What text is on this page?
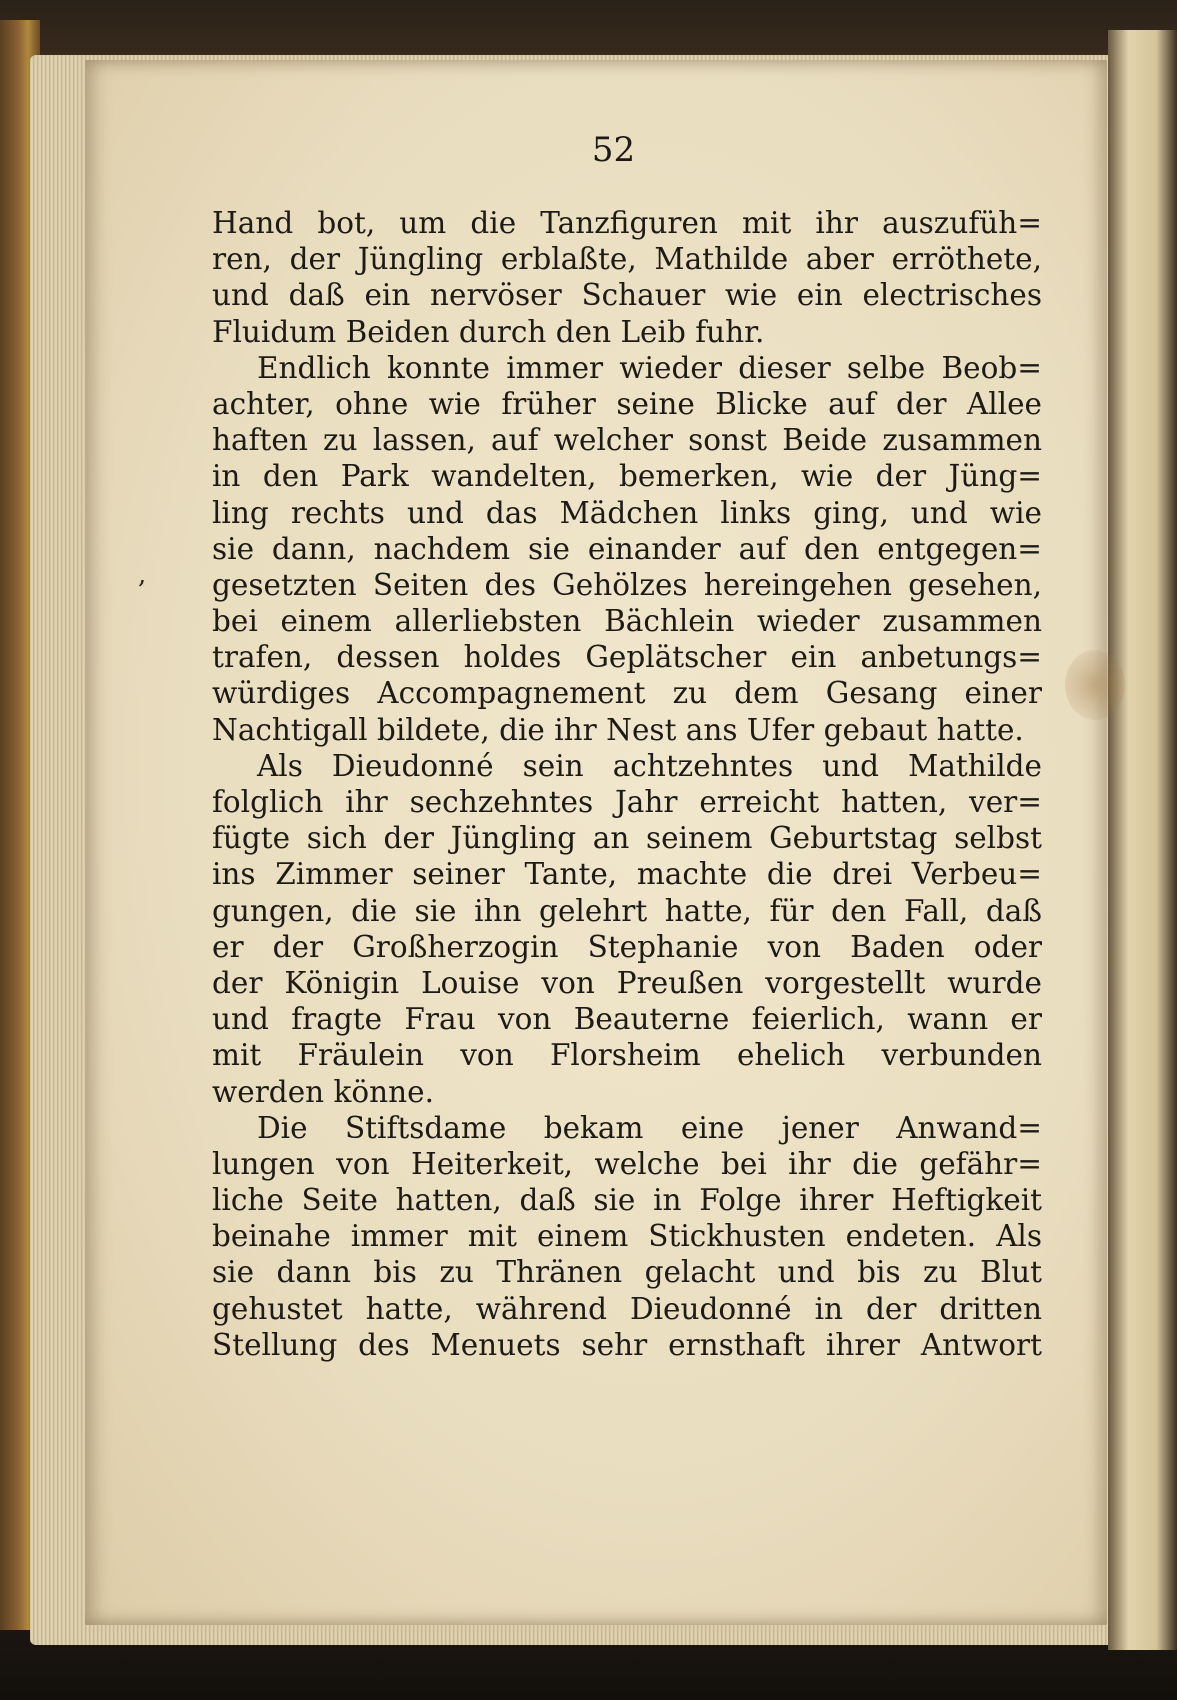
52
Hand bot, um die Tanzfiguren mit ihr auszufüh=
ren, der Jüngling erblaßte, Mathilde aber erröthete,
und daß ein nervöser Schauer wie ein electrisches
Fluidum Beiden durch den Leib fuhr.
Endlich konnte immer wieder dieser selbe Beob=
achter, ohne wie früher seine Blicke auf der Allee
haften zu lassen, auf welcher sonst Beide zusammen
in den Park wandelten, bemerken, wie der Jüng=
ling rechts und das Mädchen links ging, und wie
sie dann, nachdem sie einander auf den entgegen=
gesetzten Seiten des Gehölzes hereingehen gesehen,
bei einem allerliebsten Bächlein wieder zusammen
trafen, dessen holdes Geplätscher ein anbetungs=
würdiges Accompagnement zu dem Gesang einer
Nachtigall bildete, die ihr Nest ans Ufer gebaut hatte.
Als Dieudonné sein achtzehntes und Mathilde
folglich ihr sechzehntes Jahr erreicht hatten, ver=
fügte sich der Jüngling an seinem Geburtstag selbst
ins Zimmer seiner Tante, machte die drei Verbeu=
gungen, die sie ihn gelehrt hatte, für den Fall, daß
er der Großherzogin Stephanie von Baden oder
der Königin Louise von Preußen vorgestellt wurde
und fragte Frau von Beauterne feierlich, wann er
mit Fräulein von Florsheim ehelich verbunden
werden könne.
Die Stiftsdame bekam eine jener Anwand=
lungen von Heiterkeit, welche bei ihr die gefähr=
liche Seite hatten, daß sie in Folge ihrer Heftigkeit
beinahe immer mit einem Stickhusten endeten. Als
sie dann bis zu Thränen gelacht und bis zu Blut
gehustet hatte, während Dieudonné in der dritten
Stellung des Menuets sehr ernsthaft ihrer Antwort
,
